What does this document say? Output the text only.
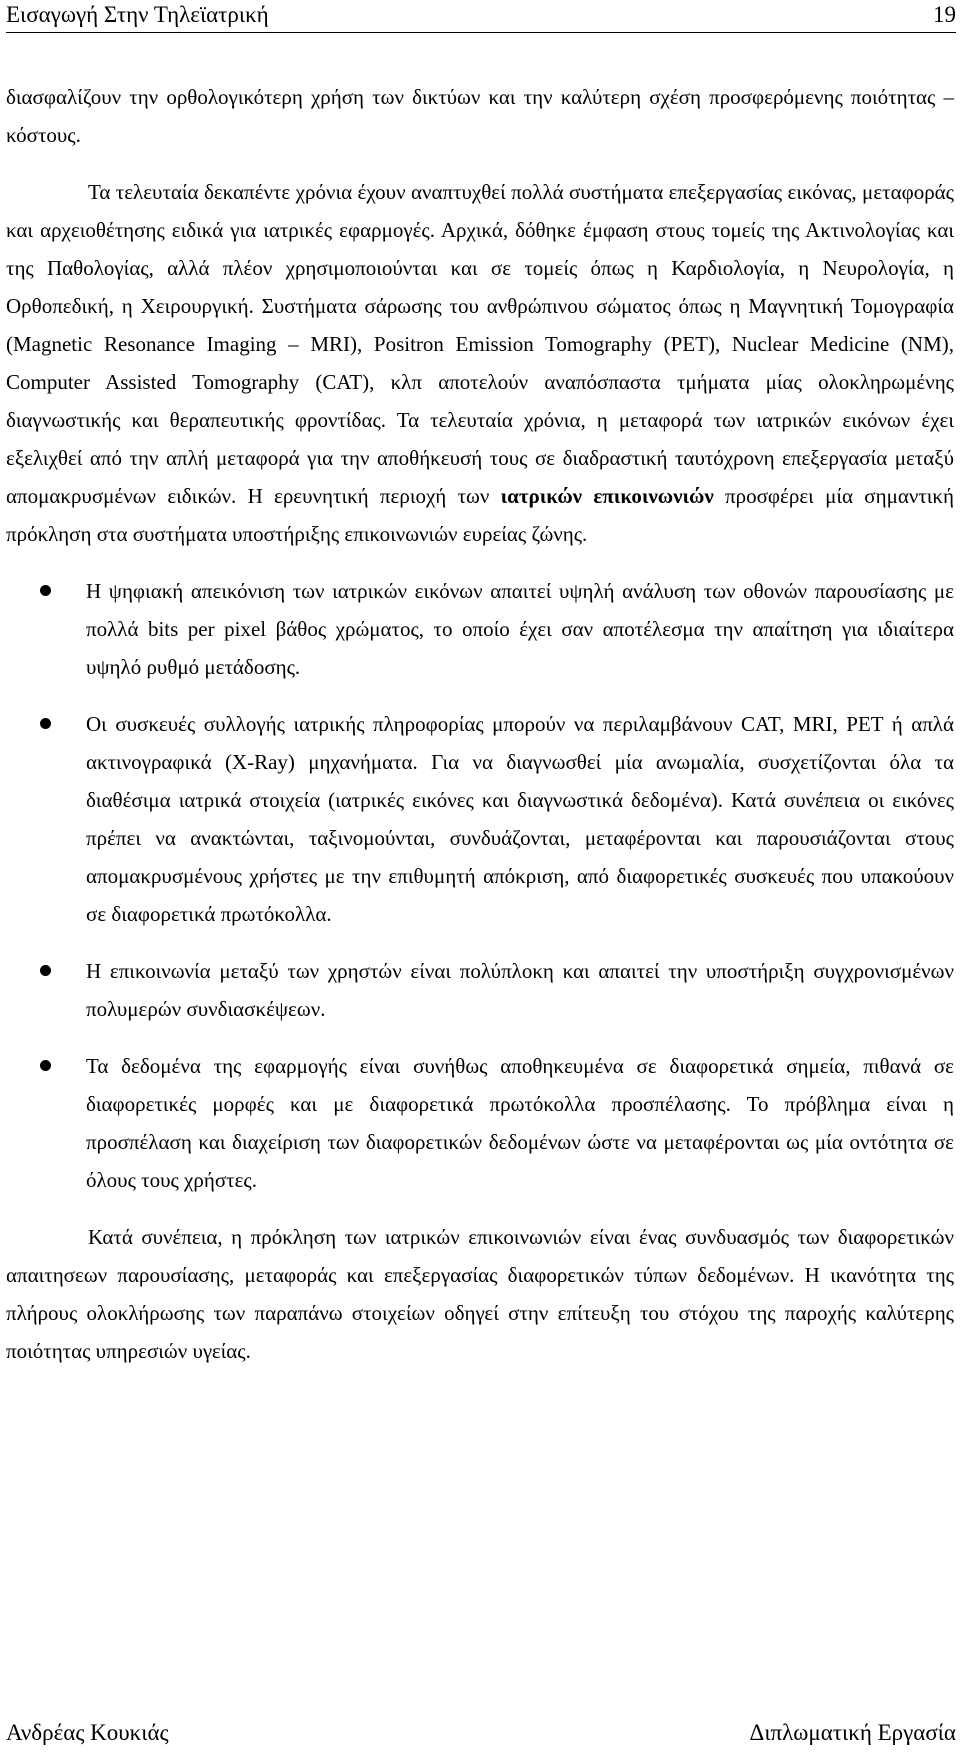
Εισαγωγή Στην Τηλεϊατρική	19

διασφαλίζουν την ορθολογικότερη χρήση των δικτύων και την καλύτερη σχέση προσφερόμενης ποιότητας – κόστους.

Τα τελευταία δεκαπέντε χρόνια έχουν αναπτυχθεί πολλά συστήματα επεξεργασίας εικόνας, μεταφοράς και αρχειοθέτησης ειδικά για ιατρικές εφαρμογές. Αρχικά, δόθηκε έμφαση στους τομείς της Ακτινολογίας και της Παθολογίας, αλλά πλέον χρησιμοποιούνται και σε τομείς όπως η Καρδιολογία, η Νευρολογία, η Ορθοπεδική, η Χειρουργική. Συστήματα σάρωσης του ανθρώπινου σώματος όπως η Μαγνητική Τομογραφία (Magnetic Resonance Imaging – MRI), Positron Emission Tomography (PET), Nuclear Medicine (NM), Computer Assisted Tomography (CAT), κλπ αποτελούν αναπόσπαστα τμήματα μίας ολοκληρωμένης διαγνωστικής και θεραπευτικής φροντίδας. Τα τελευταία χρόνια, η μεταφορά των ιατρικών εικόνων έχει εξελιχθεί από την απλή μεταφορά για την αποθήκευσή τους σε διαδραστική ταυτόχρονη επεξεργασία μεταξύ απομακρυσμένων ειδικών. Η ερευνητική περιοχή των ιατρικών επικοινωνιών προσφέρει μία σημαντική πρόκληση στα συστήματα υποστήριξης επικοινωνιών ευρείας ζώνης.

Η ψηφιακή απεικόνιση των ιατρικών εικόνων απαιτεί υψηλή ανάλυση των οθονών παρουσίασης με πολλά bits per pixel βάθος χρώματος, το οποίο έχει σαν αποτέλεσμα την απαίτηση για ιδιαίτερα υψηλό ρυθμό μετάδοσης.
Οι συσκευές συλλογής ιατρικής πληροφορίας μπορούν να περιλαμβάνουν CAT, MRI, PET ή απλά ακτινογραφικά (X-Ray) μηχανήματα. Για να διαγνωσθεί μία ανωμαλία, συσχετίζονται όλα τα διαθέσιμα ιατρικά στοιχεία (ιατρικές εικόνες και διαγνωστικά δεδομένα). Κατά συνέπεια οι εικόνες πρέπει να ανακτώνται, ταξινομούνται, συνδυάζονται, μεταφέρονται και παρουσιάζονται στους απομακρυσμένους χρήστες με την επιθυμητή απόκριση, από διαφορετικές συσκευές που υπακούουν σε διαφορετικά πρωτόκολλα.
Η επικοινωνία μεταξύ των χρηστών είναι πολύπλοκη και απαιτεί την υποστήριξη συγχρονισμένων πολυμερών συνδιασκέψεων.
Τα δεδομένα της εφαρμογής είναι συνήθως αποθηκευμένα σε διαφορετικά σημεία, πιθανά σε διαφορετικές μορφές και με διαφορετικά πρωτόκολλα προσπέλασης. Το πρόβλημα είναι η προσπέλαση και διαχείριση των διαφορετικών δεδομένων ώστε να μεταφέρονται ως μία οντότητα σε όλους τους χρήστες.

Κατά συνέπεια, η πρόκληση των ιατρικών επικοινωνιών είναι ένας συνδυασμός των διαφορετικών απαιτησεων παρουσίασης, μεταφοράς και επεξεργασίας διαφορετικών τύπων δεδομένων. Η ικανότητα της πλήρους ολοκλήρωσης των παραπάνω στοιχείων οδηγεί στην επίτευξη του στόχου της παροχής καλύτερης ποιότητας υπηρεσιών υγείας.

Ανδρέας Κουκιάς	Διπλωματική Εργασία
